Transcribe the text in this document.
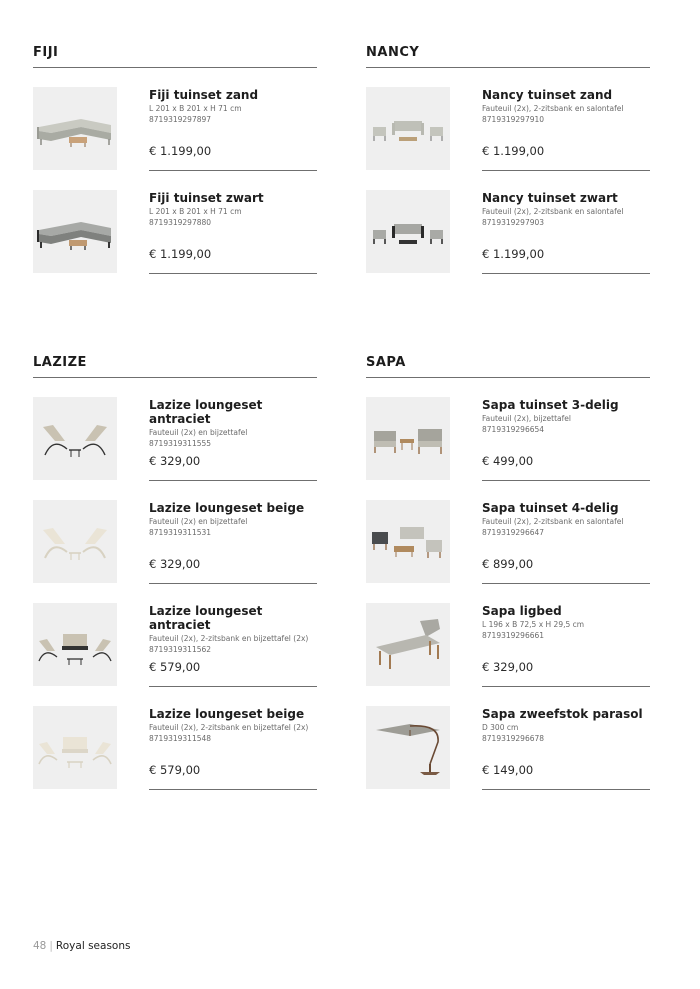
FIJI
Fiji tuinset zand
L 201 x B 201 x H 71 cm
8719319297897
€ 1.199,00
Fiji tuinset zwart
L 201 x B 201 x H 71 cm
8719319297880
€ 1.199,00
NANCY
Nancy tuinset zand
Fauteuil (2x), 2-zitsbank en salontafel
8719319297910
€ 1.199,00
Nancy tuinset zwart
Fauteuil (2x), 2-zitsbank en salontafel
8719319297903
€ 1.199,00
LAZIZE
Lazize loungeset antraciet
Fauteuil (2x) en bijzettafel
8719319311555
€ 329,00
Lazize loungeset beige
Fauteuil (2x) en bijzettafel
8719319311531
€ 329,00
Lazize loungeset antraciet
Fauteuil (2x), 2-zitsbank en bijzettafel (2x)
8719319311562
€ 579,00
Lazize loungeset beige
Fauteuil (2x), 2-zitsbank en bijzettafel (2x)
8719319311548
€ 579,00
SAPA
Sapa tuinset 3-delig
Fauteuil (2x), bijzettafel
8719319296654
€ 499,00
Sapa tuinset 4-delig
Fauteuil (2x), 2-zitsbank en salontafel
8719319296647
€ 899,00
Sapa ligbed
L 196 x B 72,5 x H 29,5 cm
8719319296661
€ 329,00
Sapa zweefstok parasol
D 300 cm
8719319296678
€ 149,00
48 | Royal seasons
